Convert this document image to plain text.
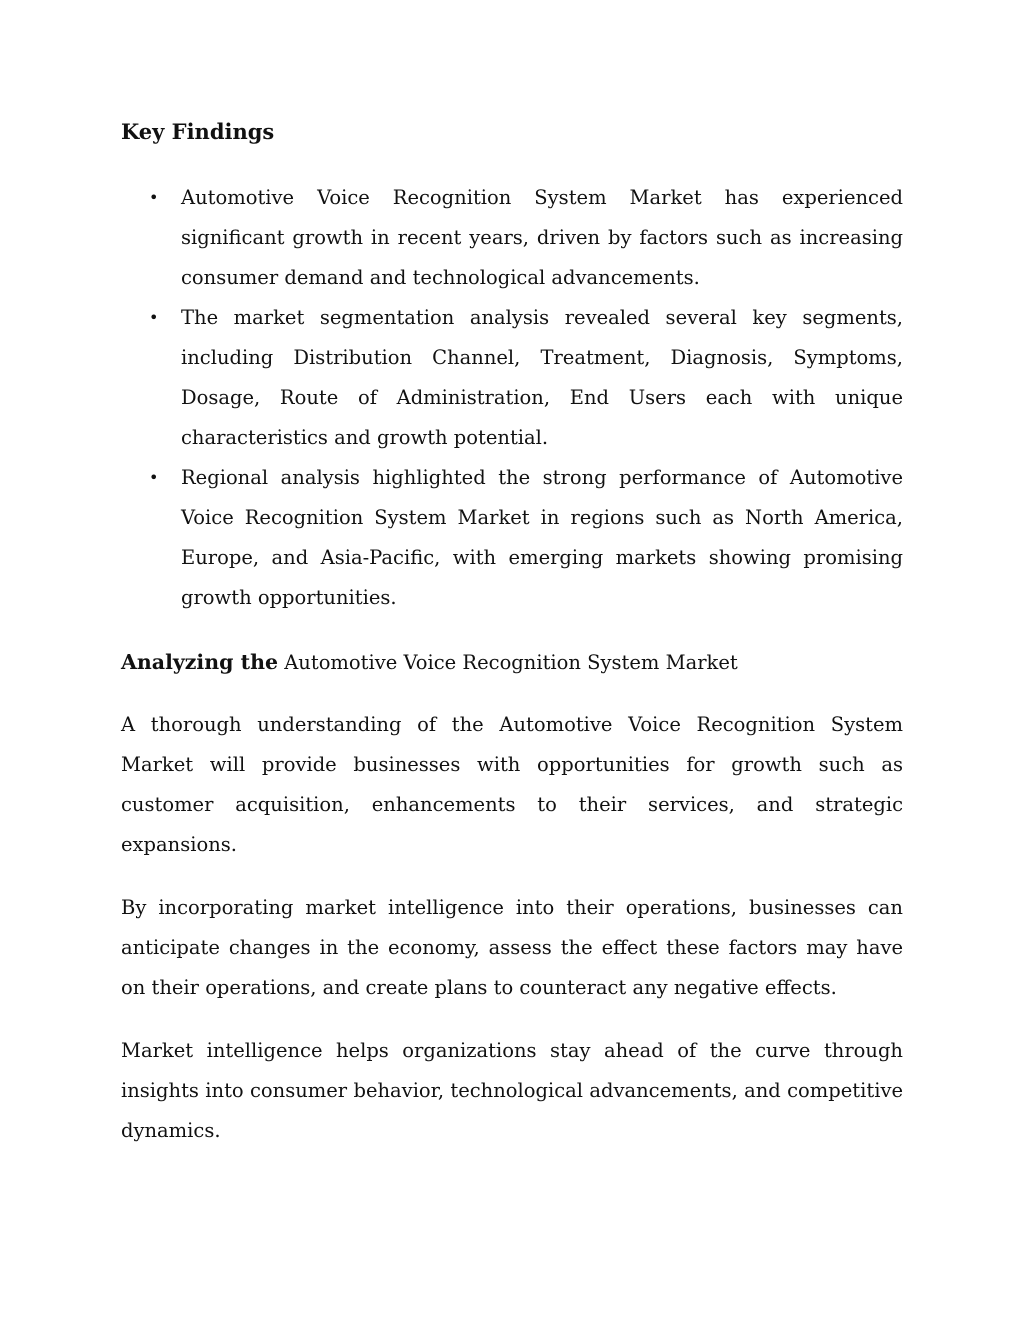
Key Findings
• Automotive Voice Recognition System Market has experienced significant growth in recent years, driven by factors such as increasing consumer demand and technological advancements.
• The market segmentation analysis revealed several key segments, including Distribution Channel, Treatment, Diagnosis, Symptoms, Dosage, Route of Administration, End Users each with unique characteristics and growth potential.
• Regional analysis highlighted the strong performance of Automotive Voice Recognition System Market in regions such as North America, Europe, and Asia-Pacific, with emerging markets showing promising growth opportunities.

Analyzing the Automotive Voice Recognition System Market

A thorough understanding of the Automotive Voice Recognition System Market will provide businesses with opportunities for growth such as customer acquisition, enhancements to their services, and strategic expansions.

By incorporating market intelligence into their operations, businesses can anticipate changes in the economy, assess the effect these factors may have on their operations, and create plans to counteract any negative effects.

Market intelligence helps organizations stay ahead of the curve through insights into consumer behavior, technological advancements, and competitive dynamics.
